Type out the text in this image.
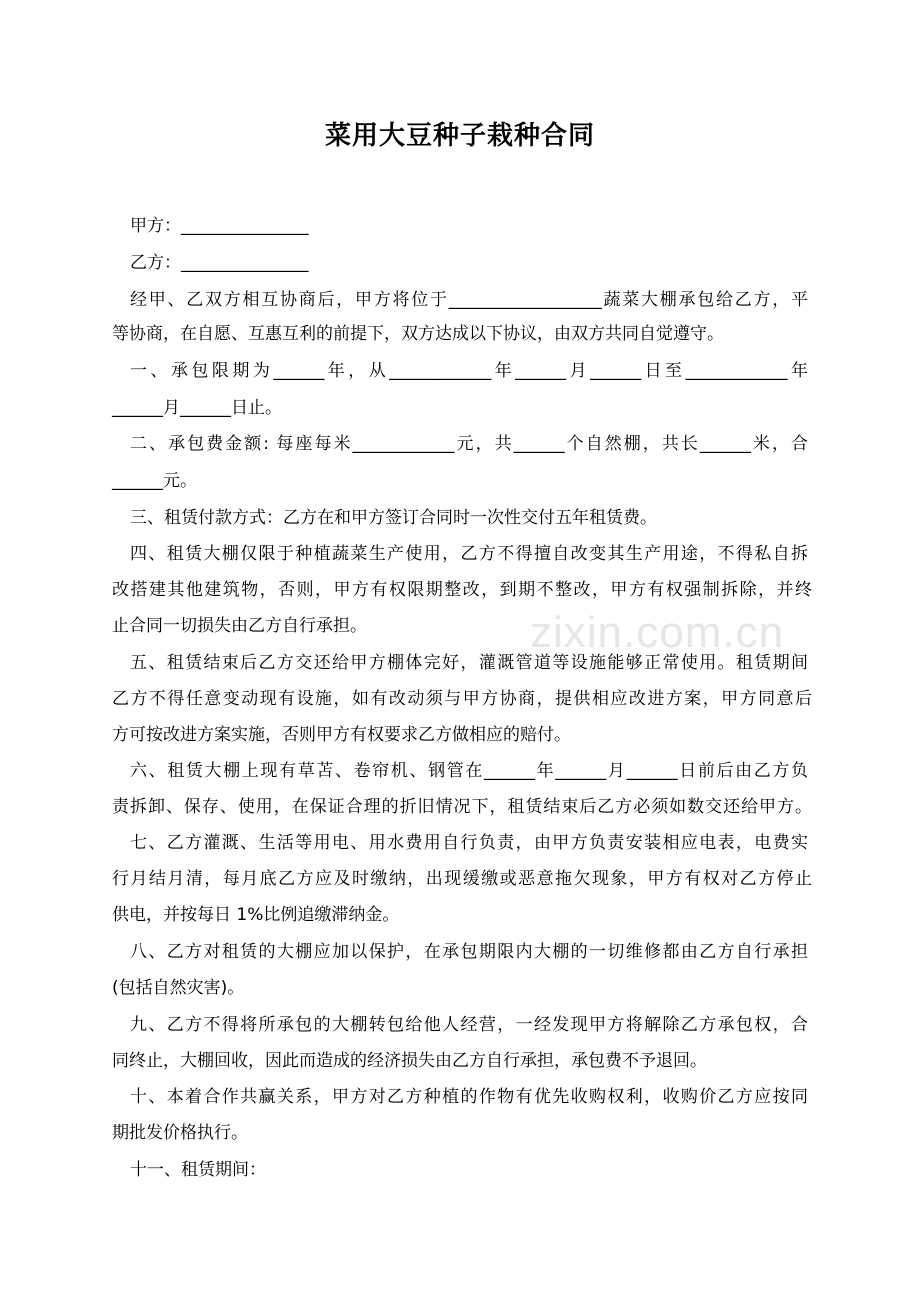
菜用大豆种子栽种合同
zixin.com.cn
甲方：_______________
乙方：_______________
经甲、乙双方相互协商后，甲方将位于__________________蔬菜大棚承包给乙方，平
等协商，在自愿、互惠互利的前提下，双方达成以下协议，由双方共同自觉遵守。
一、承包限期为______年，从____________年______月______日至____________年
______月______日止。
二、承包费金额: 每座每米____________元，共______个自然棚，共长______米，合
______元。
三、租赁付款方式：乙方在和甲方签订合同时一次性交付五年租赁费。
四、租赁大棚仅限于种植蔬菜生产使用，乙方不得擅自改变其生产用途，不得私自拆
改搭建其他建筑物，否则，甲方有权限期整改，到期不整改，甲方有权强制拆除，并终
止合同一切损失由乙方自行承担。
五、租赁结束后乙方交还给甲方棚体完好，灌溉管道等设施能够正常使用。租赁期间
乙方不得任意变动现有设施，如有改动须与甲方协商，提供相应改进方案，甲方同意后
方可按改进方案实施，否则甲方有权要求乙方做相应的赔付。
六、租赁大棚上现有草苫、卷帘机、钢管在______年______月______日前后由乙方负
责拆卸、保存、使用，在保证合理的折旧情况下，租赁结束后乙方必须如数交还给甲方。
七、乙方灌溉、生活等用电、用水费用自行负责，由甲方负责安装相应电表，电费实
行月结月清，每月底乙方应及时缴纳，出现缓缴或恶意拖欠现象，甲方有权对乙方停止
供电，并按每日 1%比例追缴滞纳金。
八、乙方对租赁的大棚应加以保护，在承包期限内大棚的一切维修都由乙方自行承担
(包括自然灾害)。
九、乙方不得将所承包的大棚转包给他人经营，一经发现甲方将解除乙方承包权，合
同终止，大棚回收，因此而造成的经济损失由乙方自行承担，承包费不予退回。
十、本着合作共赢关系，甲方对乙方种植的作物有优先收购权利，收购价乙方应按同
期批发价格执行。
十一、租赁期间：
